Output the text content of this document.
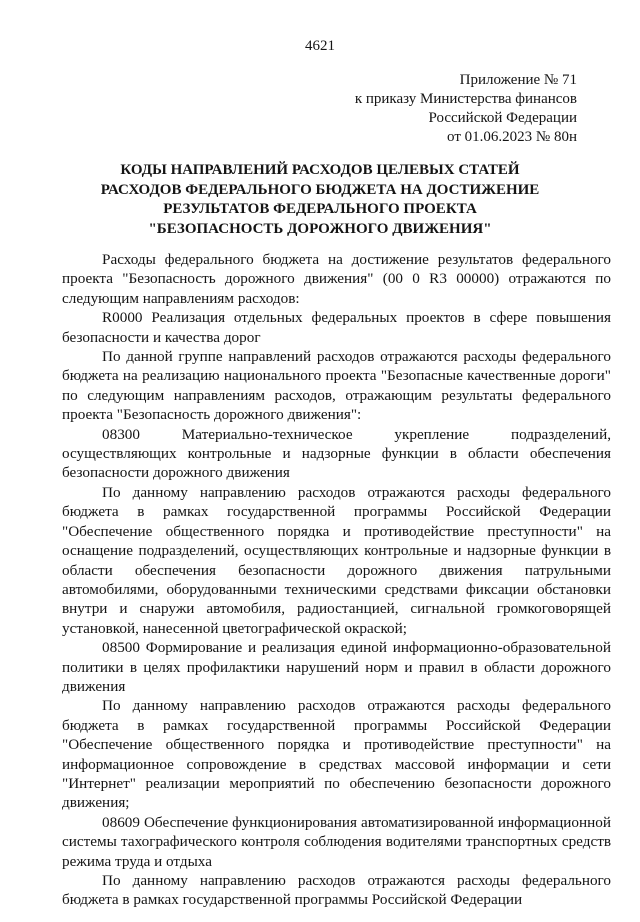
4621
Приложение № 71
к приказу Министерства финансов
Российской Федерации
от 01.06.2023 № 80н
КОДЫ НАПРАВЛЕНИЙ РАСХОДОВ ЦЕЛЕВЫХ СТАТЕЙ
РАСХОДОВ ФЕДЕРАЛЬНОГО БЮДЖЕТА НА ДОСТИЖЕНИЕ
РЕЗУЛЬТАТОВ ФЕДЕРАЛЬНОГО ПРОЕКТА
"БЕЗОПАСНОСТЬ ДОРОЖНОГО ДВИЖЕНИЯ"

Расходы федерального бюджета на достижение результатов федерального проекта "Безопасность дорожного движения" (00 0 R3 00000) отражаются по следующим направлениям расходов:

R0000 Реализация отдельных федеральных проектов в сфере повышения безопасности и качества дорог

По данной группе направлений расходов отражаются расходы федерального бюджета на реализацию национального проекта "Безопасные качественные дороги" по следующим направлениям расходов, отражающим результаты федерального проекта "Безопасность дорожного движения":

08300 Материально-техническое укрепление подразделений, осуществляющих контрольные и надзорные функции в области обеспечения безопасности дорожного движения

По данному направлению расходов отражаются расходы федерального бюджета в рамках государственной программы Российской Федерации "Обеспечение общественного порядка и противодействие преступности" на оснащение подразделений, осуществляющих контрольные и надзорные функции в области обеспечения безопасности дорожного движения патрульными автомобилями, оборудованными техническими средствами фиксации обстановки внутри и снаружи автомобиля, радиостанцией, сигнальной громкоговорящей установкой, нанесенной цветографической окраской;

08500 Формирование и реализация единой информационно-образовательной политики в целях профилактики нарушений норм и правил в области дорожного движения

По данному направлению расходов отражаются расходы федерального бюджета в рамках государственной программы Российской Федерации "Обеспечение общественного порядка и противодействие преступности" на информационное сопровождение в средствах массовой информации и сети "Интернет" реализации мероприятий по обеспечению безопасности дорожного движения;

08609 Обеспечение функционирования автоматизированной информационной системы тахографического контроля соблюдения водителями транспортных средств режима труда и отдыха

По данному направлению расходов отражаются расходы федерального бюджета в рамках государственной программы Российской Федерации
